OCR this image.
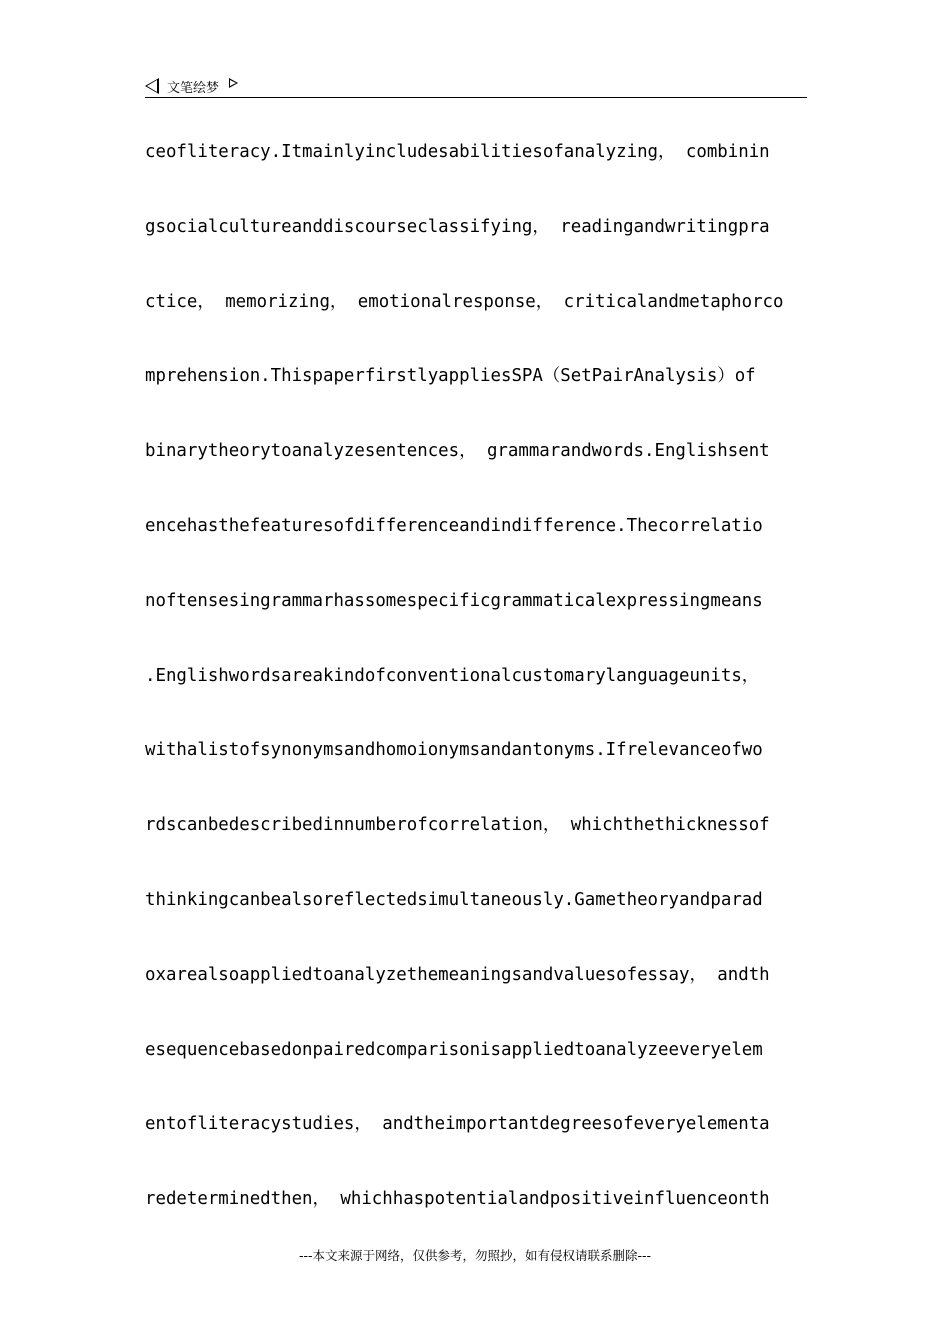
文笔绘梦
ceofliteracy.Itmainlyincludesabilitiesofanalyzing， combinin
gsocialcultureanddiscourseclassifying， readingandwritingpra
ctice， memorizing， emotionalresponse， criticalandmetaphorco
mprehension.ThispaperfirstlyappliesSPA（SetPairAnalysis）of
binarytheorytoanalyzesentences， grammarandwords.Englishsent
encehasthefeaturesofdifferenceandindifference.Thecorrelatio
noftensesingrammarhassomespecificgrammaticalexpressingmeans
.Englishwordsareakindofconventionalcustomarylanguageunits，
withalistofsynonymsandhomoionymsandantonyms.Ifrelevanceofwo
rdscanbedescribedinnumberofcorrelation， whichthethicknessof
thinkingcanbealsoreflectedsimultaneously.Gametheoryandparad
oxarealsoappliedtoanalyzethemeaningsandvaluesofessay， andth
esequencebasedonpairedcomparisonisappliedtoanalyzeeveryelem
entofliteracystudies， andtheimportantdegreesofeveryelementa
redeterminedthen， whichhaspotentialandpositiveinfluenceonth
---本文来源于网络，仅供参考，勿照抄，如有侵权请联系删除---
